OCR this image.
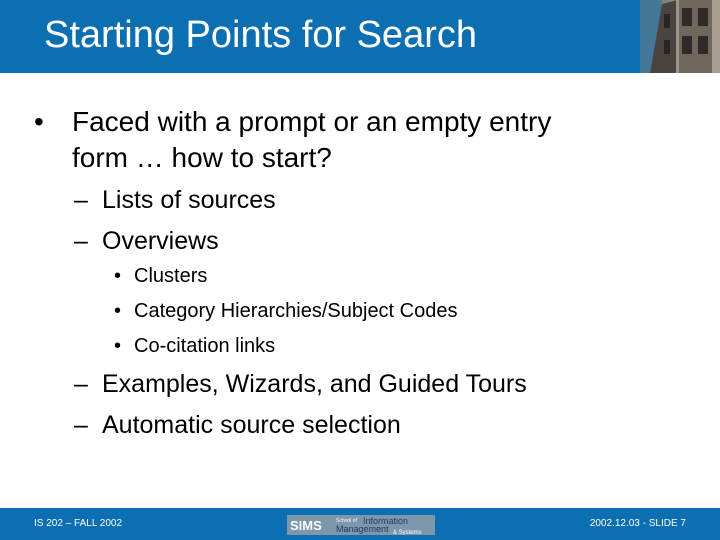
Starting Points for Search
• Faced with a prompt or an empty entry
form … how to start?
– Lists of sources
– Overviews
• Clusters
• Category Hierarchies/Subject Codes
• Co-citation links
– Examples, Wizards, and Guided Tours
– Automatic source selection
IS 202 – FALL 2002	SIMS	School of Information
Management & Systems
2002.12.03 - SLIDE 7
